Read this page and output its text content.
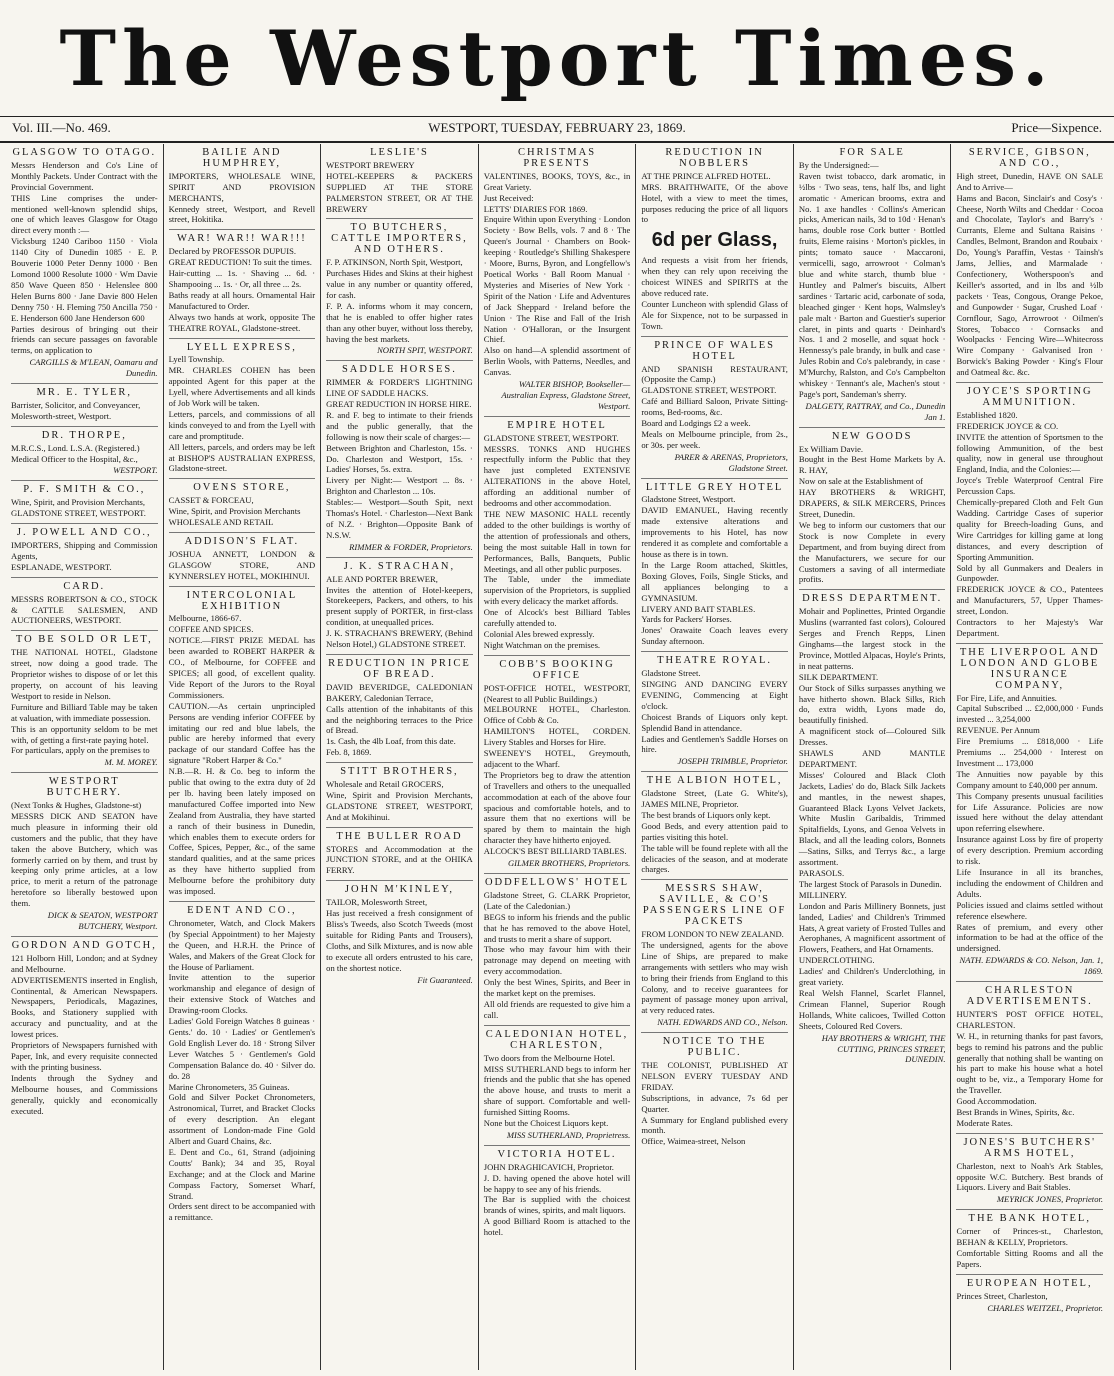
The Westport Times.
Vol. III.—No. 469.	WESTPORT, TUESDAY, FEBRUARY 23, 1869.	Price—Sixpence.
GLASGOW TO OTAGO.
Messrs Henderson and Co's Line of Monthly Packets. Under Contract with the Provincial Government.
THIS Line comprises the under-mentioned well-known splendid ships, one of which leaves Glasgow for Otago direct every month :—
Vicksburg 1240 Cariboo 1150 · Viola 1140 City of Dunedin 1085 · E. P. Bouverie 1000 Peter Denny 1000 · Ben Lomond 1000 Resolute 1000 · Wm Davie 850 Wave Queen 850 · Helenslee 800 Helen Burns 800 · Jane Davie 800 Helen Denny 750 · H. Fleming 750 Ancilla 750 · E. Henderson 600 Jane Henderson 600
Parties desirous of bringing out their friends can secure passages on favorable terms, on application to
CARGILLS & M'LEAN, Oamaru and Dunedin.
MR. E. TYLER,
Barrister, Solicitor, and Conveyancer,
Molesworth-street, Westport.
DR. THORPE,
M.R.C.S., Lond. L.S.A. (Registered.)
Medical Officer to the Hospital, &c.,
WESTPORT.
P. F. SMITH & CO.,
Wine, Spirit, and Provision Merchants,
GLADSTONE STREET, WESTPORT.
J. POWELL AND CO.,
IMPORTERS, Shipping and Commission Agents,
ESPLANADE, WESTPORT.
CARD.
MESSRS ROBERTSON & CO., STOCK & CATTLE SALESMEN, AND AUCTIONEERS, WESTPORT.
TO BE SOLD OR LET,
THE NATIONAL HOTEL, Gladstone street, now doing a good trade. The Proprietor wishes to dispose of or let this property, on account of his leaving Westport to reside in Nelson.
Furniture and Billiard Table may be taken at valuation, with immediate possession.
This is an opportunity seldom to be met with, of getting a first-rate paying hotel.
For particulars, apply on the premises to
M. M. MOREY.
WESTPORT BUTCHERY.
(Next Tonks & Hughes, Gladstone-st)
MESSRS DICK AND SEATON have much pleasure in informing their old customers and the public, that they have taken the above Butchery, which was formerly carried on by them, and trust by keeping only prime articles, at a low price, to merit a return of the patronage heretofore so liberally bestowed upon them.
DICK & SEATON, WESTPORT BUTCHERY, Westport.
GORDON AND GOTCH,
121 Holborn Hill, London; and at Sydney and Melbourne.
ADVERTISEMENTS inserted in English, Continental, & American Newspapers. Newspapers, Periodicals, Magazines, Books, and Stationery supplied with accuracy and punctuality, and at the lowest prices.
Proprietors of Newspapers furnished with Paper, Ink, and every requisite connected with the printing business.
Indents through the Sydney and Melbourne houses, and Commissions generally, quickly and economically executed.
BAILIE AND HUMPHREY,
IMPORTERS, WHOLESALE WINE, SPIRIT AND PROVISION MERCHANTS,
Kennedy street, Westport, and Revell street, Hokitika.
WAR! WAR!! WAR!!!
Declared by PROFESSOR DUPUIS.
GREAT REDUCTION! To suit the times.
Hair-cutting ... 1s. · Shaving ... 6d. · Shampooing ... 1s. · Or, all three ... 2s.
Baths ready at all hours. Ornamental Hair Manufactured to Order.
Always two hands at work, opposite The THEATRE ROYAL, Gladstone-street.
LYELL EXPRESS,
Lyell Township.
MR. CHARLES COHEN has been appointed Agent for this paper at the Lyell, where Advertisements and all kinds of Job Work will be taken.
Letters, parcels, and commissions of all kinds conveyed to and from the Lyell with care and promptitude.
All letters, parcels, and orders may be left at BISHOP'S AUSTRALIAN EXPRESS, Gladstone-street.
OVENS STORE,
CASSET & FORCEAU,
Wine, Spirit, and Provision Merchants
WHOLESALE AND RETAIL
ADDISON'S FLAT.
JOSHUA ANNETT, LONDON & GLASGOW STORE, AND KYNNERSLEY HOTEL, MOKIHINUI.
INTERCOLONIAL EXHIBITION
Melbourne, 1866-67.
COFFEE AND SPICES.
NOTICE.—FIRST PRIZE MEDAL has been awarded to ROBERT HARPER & CO., of Melbourne, for COFFEE and SPICES; all good, of excellent quality. Vide Report of the Jurors to the Royal Commissioners.
CAUTION.—As certain unprincipled Persons are vending inferior COFFEE by imitating our red and blue labels, the public are hereby informed that every package of our standard Coffee has the signature "Robert Harper & Co."
N.B.—R. H. & Co. beg to inform the public that owing to the extra duty of 2d per lb. having been lately imposed on manufactured Coffee imported into New Zealand from Australia, they have started a ranch of their business in Dunedin, which enables them to execute orders for Coffee, Spices, Pepper, &c., of the same standard qualities, and at the same prices as they have hitherto supplied from Melbourne before the prohibitory duty was imposed.
EDENT AND CO.,
Chronometer, Watch, and Clock Makers (by Special Appointment) to her Majesty the Queen, and H.R.H. the Prince of Wales, and Makers of the Great Clock for the House of Parliament.
Invite attention to the superior workmanship and elegance of design of their extensive Stock of Watches and Drawing-room Clocks.
Ladies' Gold Foreign Watches 8 guineas · Gents.' do. 10 · Ladies' or Gentlemen's Gold English Lever do. 18 · Strong Silver Lever Watches 5 · Gentlemen's Gold Compensation Balance do. 40 · Silver do. do. 28
Marine Chronometers, 35 Guineas.
Gold and Silver Pocket Chronometers, Astronomical, Turret, and Bracket Clocks of every description. An elegant assortment of London-made Fine Gold Albert and Guard Chains, &c.
E. Dent and Co., 61, Strand (adjoining Coutts' Bank); 34 and 35, Royal Exchange; and at the Clock and Marine Compass Factory, Somerset Wharf, Strand.
Orders sent direct to be accompanied with a remittance.
LESLIE'S
WESTPORT BREWERY
HOTEL-KEEPERS & PACKERS SUPPLIED AT THE STORE PALMERSTON STREET, OR AT THE BREWERY
TO BUTCHERS, CATTLE IMPORTERS, AND OTHERS.
F. P. ATKINSON, North Spit, Westport,
Purchases Hides and Skins at their highest value in any number or quantity offered, for cash.
F. P. A. informs whom it may concern, that he is enabled to offer higher rates than any other buyer, without loss thereby, having the best markets.
NORTH SPIT, WESTPORT.
SADDLE HORSES.
RIMMER & FORDER'S LIGHTNING LINE OF SADDLE HACKS.
GREAT REDUCTION IN HORSE HIRE.
R. and F. beg to intimate to their friends and the public generally, that the following is now their scale of charges:—
Between Brighton and Charleston, 15s. · Do. Charleston and Westport, 15s. · Ladies' Horses, 5s. extra.
Livery per Night:— Westport ... 8s. · Brighton and Charleston ... 10s.
Stables:— Westport—South Spit, next Thomas's Hotel. · Charleston—Next Bank of N.Z. · Brighton—Opposite Bank of N.S.W.
RIMMER & FORDER, Proprietors.
J. K. STRACHAN,
ALE AND PORTER BREWER,
Invites the attention of Hotel-keepers, Storekeepers, Packers, and others, to his present supply of PORTER, in first-class condition, at unequalled prices.
J. K. STRACHAN'S BREWERY, (Behind Nelson Hotel,) GLADSTONE STREET.
REDUCTION IN PRICE OF BREAD.
DAVID BEVERIDGE, CALEDONIAN BAKERY, Caledonian Terrace,
Calls attention of the inhabitants of this and the neighboring terraces to the Price of Bread.
1s. Cash, the 4lb Loaf, from this date.
Feb. 8, 1869.
STITT BROTHERS,
Wholesale and Retail GROCERS,
Wine, Spirit and Provision Merchants, GLADSTONE STREET, WESTPORT, And at Mokihinui.
THE BULLER ROAD
STORES and Accommodation at the JUNCTION STORE, and at the OHIKA FERRY.
JOHN M'KINLEY,
TAILOR, Molesworth Street,
Has just received a fresh consignment of Bliss's Tweeds, also Scotch Tweeds (most suitable for Riding Pants and Trousers), Cloths, and Silk Mixtures, and is now able to execute all orders entrusted to his care, on the shortest notice.
Fit Guaranteed.
CHRISTMAS PRESENTS
VALENTINES, BOOKS, TOYS, &c., in Great Variety.
Just Received:
LETTS' DIARIES FOR 1869.
Enquire Within upon Everything · London Society · Bow Bells, vols. 7 and 8 · The Queen's Journal · Chambers on Book-keeping · Routledge's Shilling Shakespere · Moore, Burns, Byron, and Longfellow's Poetical Works · Ball Room Manual · Mysteries and Miseries of New York · Spirit of the Nation · Life and Adventures of Jack Sheppard · Ireland before the Union · The Rise and Fall of the Irish Nation · O'Halloran, or the Insurgent Chief.
Also on hand—A splendid assortment of Berlin Wools, with Patterns, Needles, and Canvas.
WALTER BISHOP, Bookseller—Australian Express, Gladstone Street, Westport.
EMPIRE HOTEL
GLADSTONE STREET, WESTPORT.
MESSRS. TONKS AND HUGHES respectfully inform the Public that they have just completed EXTENSIVE ALTERATIONS in the above Hotel, affording an additional number of bedrooms and other accommodation.
THE NEW MASONIC HALL recently added to the other buildings is worthy of the attention of professionals and others, being the most suitable Hall in town for Performances, Balls, Banquets, Public Meetings, and all other public purposes.
The Table, under the immediate supervision of the Proprietors, is supplied with every delicacy the market affords.
One of Alcock's best Billiard Tables carefully attended to.
Colonial Ales brewed expressly.
Night Watchman on the premises.
COBB'S BOOKING OFFICE
POST-OFFICE HOTEL, WESTPORT, (Nearest to all Public Buildings.)
MELBOURNE HOTEL, Charleston. Office of Cobb & Co.
HAMILTON'S HOTEL, CORDEN. Livery Stables and Horses for Hire.
SWEENEY'S HOTEL, Greymouth, adjacent to the Wharf.
The Proprietors beg to draw the attention of Travellers and others to the unequalled accommodation at each of the above four spacious and comfortable hotels, and to assure them that no exertions will be spared by them to maintain the high character they have hitherto enjoyed.
ALCOCK'S BEST BILLIARD TABLES.
GILMER BROTHERS, Proprietors.
ODDFELLOWS' HOTEL
Gladstone Street, G. CLARK Proprietor, (Late of the Caledonian.)
BEGS to inform his friends and the public that he has removed to the above Hotel, and trusts to merit a share of support.
Those who may favour him with their patronage may depend on meeting with every accommodation.
Only the best Wines, Spirits, and Beer in the market kept on the premises.
All old friends are requested to give him a call.
CALEDONIAN HOTEL, CHARLESTON,
Two doors from the Melbourne Hotel.
MISS SUTHERLAND begs to inform her friends and the public that she has opened the above house, and trusts to merit a share of support. Comfortable and well-furnished Sitting Rooms.
None but the Choicest Liquors kept.
MISS SUTHERLAND, Proprietress.
VICTORIA HOTEL.
JOHN DRAGHICAVICH, Proprietor.
J. D. having opened the above hotel will be happy to see any of his friends.
The Bar is supplied with the choicest brands of wines, spirits, and malt liquors.
A good Billiard Room is attached to the hotel.
REDUCTION IN NOBBLERS
AT THE PRINCE ALFRED HOTEL.
MRS. BRAITHWAITE, Of the above Hotel, with a view to meet the times, purposes reducing the price of all liquors to
6d per Glass,
And requests a visit from her friends, when they can rely upon receiving the choicest WINES and SPIRITS at the above reduced rate.
Counter Luncheon with splendid Glass of Ale for Sixpence, not to be surpassed in Town.
PRINCE OF WALES HOTEL
AND SPANISH RESTAURANT, (Opposite the Camp.)
GLADSTONE STREET, WESTPORT.
Café and Billiard Saloon, Private Sitting-rooms, Bed-rooms, &c.
Board and Lodgings £2 a week.
Meals on Melbourne principle, from 2s., or 30s. per week.
PARER & ARENAS, Proprietors, Gladstone Street.
LITTLE GREY HOTEL
Gladstone Street, Westport.
DAVID EMANUEL, Having recently made extensive alterations and improvements to his Hotel, has now rendered it as complete and comfortable a house as there is in town.
In the Large Room attached, Skittles, Boxing Gloves, Foils, Single Sticks, and all appliances belonging to a GYMNASIUM.
LIVERY AND BAIT STABLES.
Yards for Packers' Horses.
Jones' Orawaite Coach leaves every Sunday afternoon.
THEATRE ROYAL.
Gladstone Street.
SINGING AND DANCING EVERY EVENING, Commencing at Eight o'clock.
Choicest Brands of Liquors only kept. Splendid Band in attendance.
Ladies and Gentlemen's Saddle Horses on hire.
JOSEPH TRIMBLE, Proprietor.
THE ALBION HOTEL,
Gladstone Street, (Late G. White's), JAMES MILNE, Proprietor.
The best brands of Liquors only kept.
Good Beds, and every attention paid to parties visiting this hotel.
The table will be found replete with all the delicacies of the season, and at moderate charges.
MESSRS SHAW, SAVILLE, & CO'S PASSENGERS LINE OF PACKETS
FROM LONDON TO NEW ZEALAND.
The undersigned, agents for the above Line of Ships, are prepared to make arrangements with settlers who may wish to bring their friends from England to this Colony, and to receive guarantees for payment of passage money upon arrival, at very reduced rates.
NATH. EDWARDS AND CO., Nelson.
NOTICE TO THE PUBLIC.
THE COLONIST, PUBLISHED AT NELSON EVERY TUESDAY AND FRIDAY.
Subscriptions, in advance, 7s 6d per Quarter.
A Summary for England published every month.
Office, Waimea-street, Nelson
FOR SALE
By the Undersigned:—
Raven twist tobacco, dark aromatic, in ½lbs · Two seas, tens, half lbs, and light aromatic · American brooms, extra and No. 1 axe handles · Collins's American picks, American nails, 3d to 10d · Henan's hams, double rose Cork butter · Bottled fruits, Eleme raisins · Morton's pickles, in pints; tomato sauce · Maccaroni, vermicelli, sago, arrowroot · Colman's blue and white starch, thumb blue · Huntley and Palmer's biscuits, Albert sardines · Tartaric acid, carbonate of soda, bleached ginger · Kent hops, Walmsley's pale malt · Barton and Guestier's superior claret, in pints and quarts · Deinhard's Nos. 1 and 2 moselle, and squat hock · Hennessy's pale brandy, in bulk and case · Jules Robin and Co's palebrandy, in case · M'Murchy, Ralston, and Co's Campbelton whiskey · Tennant's ale, Machen's stout · Page's port, Sandeman's sherry.
DALGETY, RATTRAY, and Co., Dunedin Jan 1.
NEW GOODS
Ex William Davie.
Bought in the Best Home Markets by A. R. HAY,
Now on sale at the Establishment of
HAY BROTHERS & WRIGHT, DRAPERS, & SILK MERCERS, Princes Street, Dunedin.
We beg to inform our customers that our Stock is now Complete in every Department, and from buying direct from the Manufacturers, we secure for our Customers a saving of all intermediate profits.
DRESS DEPARTMENT.
Mohair and Poplinettes, Printed Organdie Muslins (warranted fast colors), Coloured Serges and French Repps, Linen Ginghams—the largest stock in the Province, Mottled Alpacas, Hoyle's Prints, in neat patterns.
SILK DEPARTMENT.
Our Stock of Silks surpasses anything we have hitherto shown. Black Silks, Rich do, extra width, Lyons made do, beautifully finished.
A magnificent stock of—Coloured Silk Dresses.
SHAWLS AND MANTLE DEPARTMENT.
Misses' Coloured and Black Cloth Jackets, Ladies' do do, Black Silk Jackets and mantles, in the newest shapes, Guaranteed Black Lyons Velvet Jackets, White Muslin Garibaldis, Trimmed Spitalfields, Lyons, and Genoa Velvets in Black, and all the leading colors, Bonnets—Satins, Silks, and Terrys &c., a large assortment.
PARASOLS.
The largest Stock of Parasols in Dunedin.
MILLINERY.
London and Paris Millinery Bonnets, just landed, Ladies' and Children's Trimmed Hats, A great variety of Frosted Tulles and Aerophanes, A magnificent assortment of Flowers, Feathers, and Hat Ornaments.
UNDERCLOTHING.
Ladies' and Children's Underclothing, in great variety.
Real Welsh Flannel, Scarlet Flannel, Crimean Flannel, Superior Rough Hollands, White calicoes, Twilled Cotton Sheets, Coloured Red Covers.
HAY BROTHERS & WRIGHT, THE CUTTING, PRINCES STREET, DUNEDIN.
SERVICE, GIBSON, AND CO.,
High street, Dunedin, HAVE ON SALE And to Arrive—
Hams and Bacon, Sinclair's and Cosy's · Cheese, North Wilts and Cheddar · Cocoa and Chocolate, Taylor's and Barry's · Currants, Eleme and Sultana Raisins · Candles, Belmont, Brandon and Roubaix · Do, Young's Paraffin, Vestas · Tainsh's Jams, Jellies, and Marmalade · Confectionery, Wotherspoon's and Keiller's assorted, and in lbs and ½lb packets · Teas, Congous, Orange Pekoe, and Gunpowder · Sugar, Crushed Loaf · Cornflour, Sago, Arrowroot · Oilmen's Stores, Tobacco · Cornsacks and Woolpacks · Fencing Wire—Whitecross Wire Company · Galvanised Iron · Borwick's Baking Powder · King's Flour and Oatmeal &c. &c.
JOYCE'S SPORTING AMMUNITION.
Established 1820.
FREDERICK JOYCE & CO.
INVITE the attention of Sportsmen to the following Ammunition, of the best quality, now in general use throughout England, India, and the Colonies:—
Joyce's Treble Waterproof Central Fire Percussion Caps.
Chemically-prepared Cloth and Felt Gun Wadding. Cartridge Cases of superior quality for Breech-loading Guns, and Wire Cartridges for killing game at long distances, and every description of Sporting Ammunition.
Sold by all Gunmakers and Dealers in Gunpowder.
FREDERICK JOYCE & CO., Patentees and Manufacturers, 57, Upper Thames-street, London.
Contractors to her Majesty's War Department.
THE LIVERPOOL AND LONDON AND GLOBE INSURANCE COMPANY,
For Fire, Life, and Annuities.
Capital Subscribed ... £2,000,000 · Funds invested ... 3,254,000
REVENUE. Per Annum
Fire Premiums ... £818,000 · Life Premiums ... 254,000 · Interest on Investment ... 173,000
The Annuities now payable by this Company amount to £40,000 per annum.
This Company presents unusual facilities for Life Assurance. Policies are now issued here without the delay attendant upon referring elsewhere.
Insurance against Loss by fire of property of every description. Premium according to risk.
Life Insurance in all its branches, including the endowment of Children and Adults.
Policies issued and claims settled without reference elsewhere.
Rates of premium, and every other information to be had at the office of the undersigned.
NATH. EDWARDS & CO. Nelson, Jan. 1, 1869.
CHARLESTON ADVERTISEMENTS.
HUNTER'S POST OFFICE HOTEL, CHARLESTON.
W. H., in returning thanks for past favors, begs to remind his patrons and the public generally that nothing shall be wanting on his part to make his house what a hotel ought to be, viz., a Temporary Home for the Traveller.
Good Accommodation.
Best Brands in Wines, Spirits, &c.
Moderate Rates.
JONES'S BUTCHERS' ARMS HOTEL,
Charleston, next to Noah's Ark Stables, opposite W.C. Butchery. Best brands of Liquors. Livery and Bait Stables.
MEYRICK JONES, Proprietor.
THE BANK HOTEL,
Corner of Princes-st., Charleston, BEHAN & KELLY, Proprietors.
Comfortable Sitting Rooms and all the Papers.
EUROPEAN HOTEL,
Princes Street, Charleston,
CHARLES WEITZEL, Proprietor.
